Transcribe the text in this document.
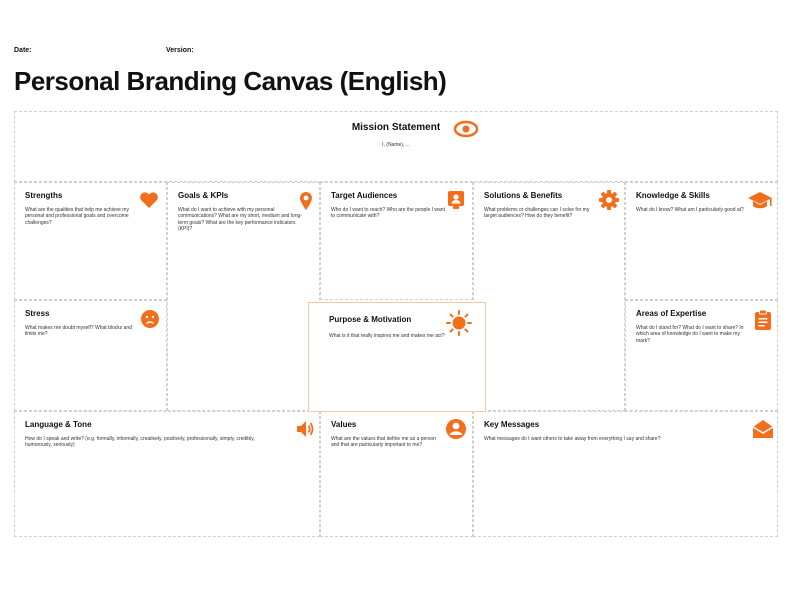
Date:	Version:
Personal Branding Canvas (English)
Mission Statement

I, (Name), ...

Strengths

What are the qualities that help me achieve my personal and professional goals and overcome challenges?

Goals & KPIs

What do I want to achieve with my personal communications? What are my short, medium and long-term goals? What are the key performance indicators (KPI)?

Target Audiences

Who do I want to reach? Who are the people I want to communicate with?

Solutions & Benefits

What problems or challenges can I solve for my target audiences? How do they benefit?

Knowledge & Skills

What do I know? What am I particularly good at?

Stress

What makes me doubt myself? What blocks and limits me?

Areas of Expertise

What do I stand for? What do I want to share? In which area of knowledge do I want to make my mark?

Language & Tone

How do I speak and write? (e.g. formally, informally, creatively, positively, professionally, simply, credibly, humorously, seriously)

Values

What are the values that define me as a person and that are particularly important to me?

Key Messages

What messages do I want others to take away from everything I say and share?

Purpose & Motivation

What is it that really inspires me and makes me act?
